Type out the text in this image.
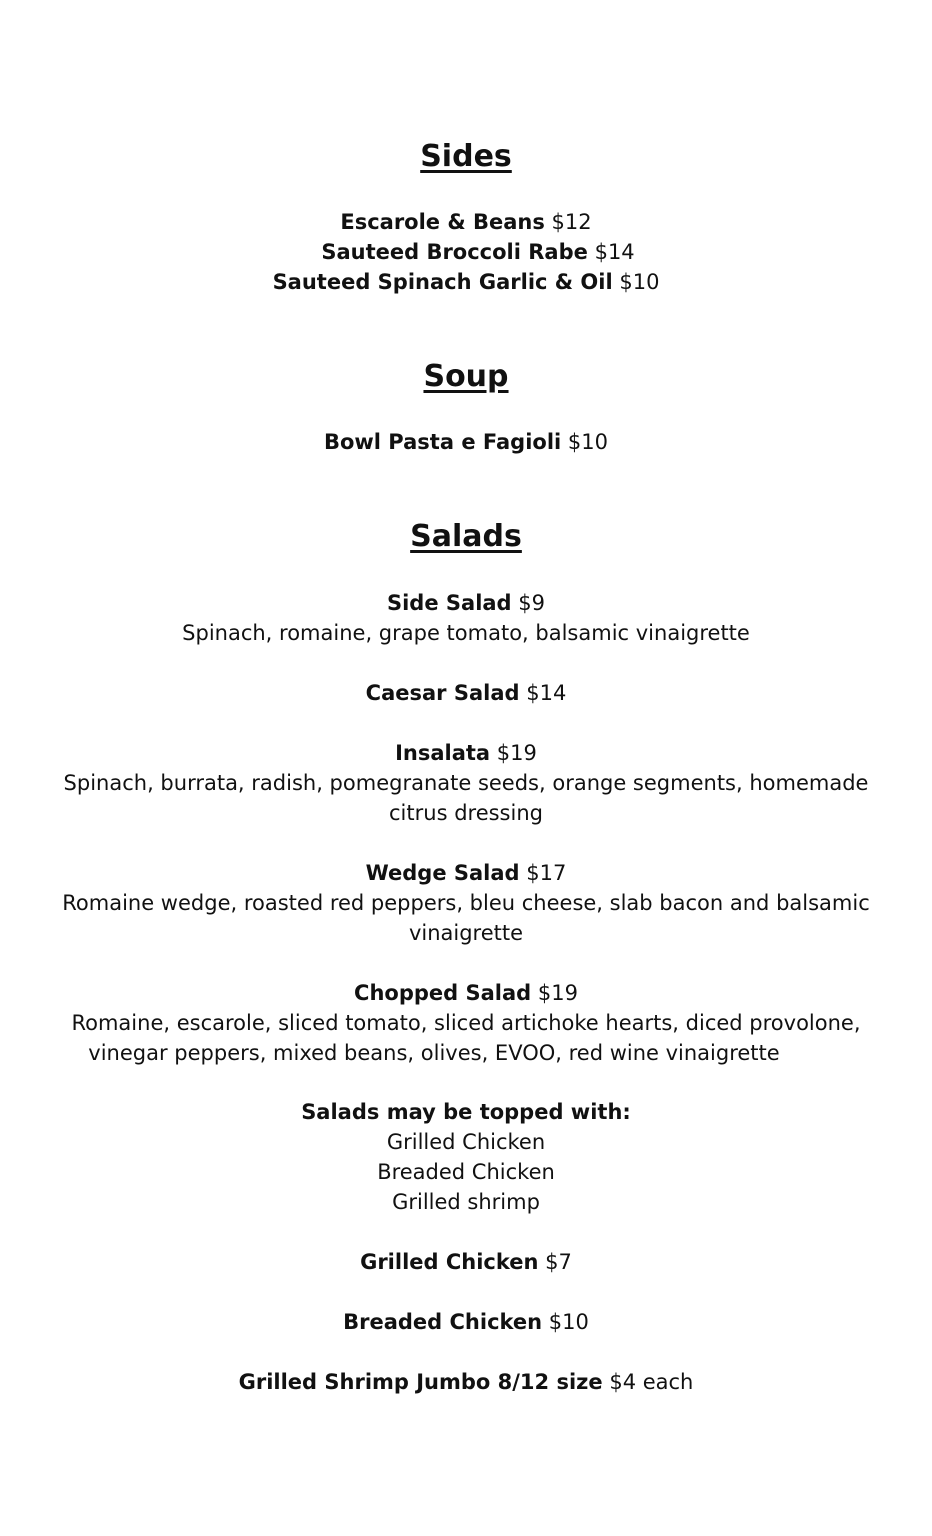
Sides
Escarole & Beans $12
Sauteed Broccoli Rabe $14
Sauteed Spinach Garlic & Oil $10
Soup
Bowl Pasta e Fagioli $10
Salads
Side Salad $9
Spinach, romaine, grape tomato, balsamic vinaigrette
Caesar Salad $14
Insalata $19
Spinach, burrata, radish, pomegranate seeds, orange segments, homemade
citrus dressing
Wedge Salad $17
Romaine wedge, roasted red peppers, bleu cheese, slab bacon and balsamic
vinaigrette
Chopped Salad $19
Romaine, escarole, sliced tomato, sliced artichoke hearts, diced provolone,
vinegar peppers, mixed beans, olives, EVOO, red wine vinaigrette
Salads may be topped with:
Grilled Chicken
Breaded Chicken
Grilled shrimp
Grilled Chicken $7
Breaded Chicken $10
Grilled Shrimp Jumbo 8/12 size $4 each
